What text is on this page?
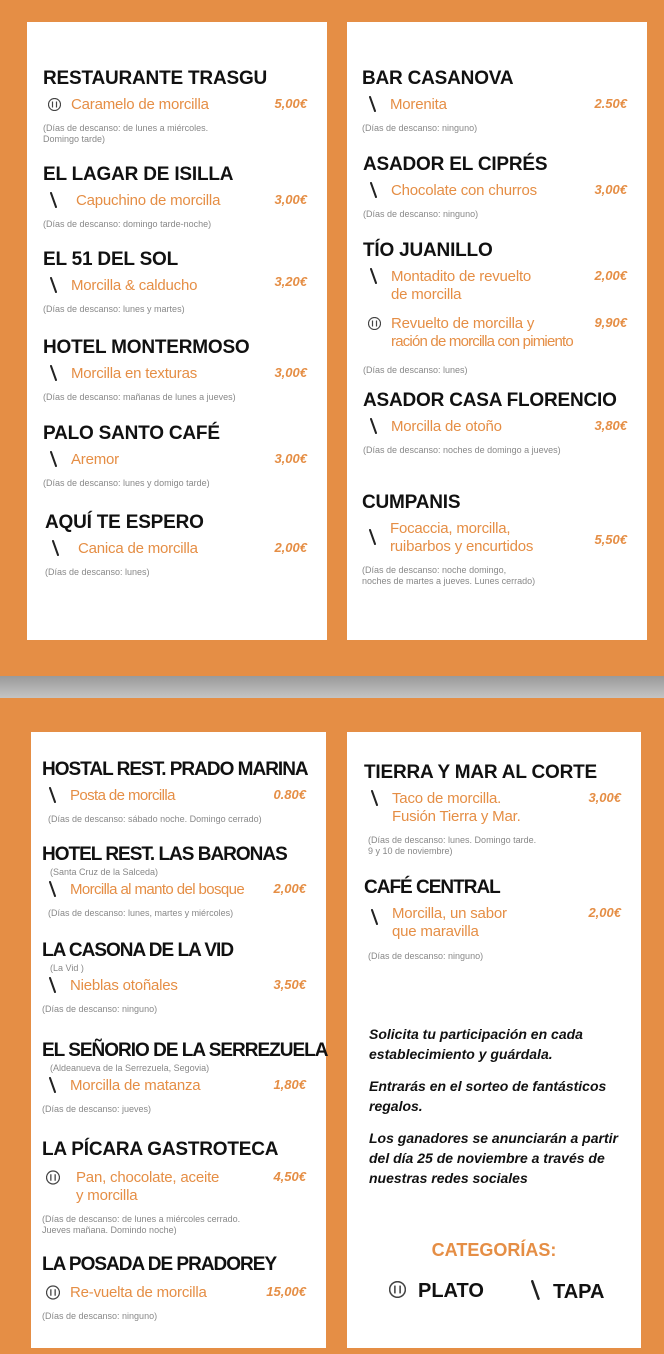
RESTAURANTE TRASGU
Caramelo de morcilla	5,00€
(Días de descanso: de lunes a miércoles.
Domingo tarde)
EL LAGAR DE ISILLA
Capuchino de morcilla	3,00€
(Días de descanso: domingo tarde-noche)
EL 51 DEL SOL
Morcilla & calducho	3,20€
(Días de descanso: lunes y martes)
HOTEL MONTERMOSO
Morcilla en texturas	3,00€
(Días de descanso: mañanas de lunes a jueves)
PALO SANTO CAFÉ
Aremor	3,00€
(Días de descanso: lunes y domigo tarde)
AQUÍ TE ESPERO
Canica de morcilla	2,00€
(Días de descanso: lunes)
BAR CASANOVA
Morenita	2.50€
(Días de descanso: ninguno)
ASADOR EL CIPRÉS
Chocolate con churros	3,00€
(Días de descanso: ninguno)
TÍO JUANILLO
Montadito de revuelto
de morcilla
2,00€
Revuelto de morcilla y
ración de morcilla con pimiento
9,90€
(Días de descanso: lunes)
ASADOR CASA FLORENCIO
Morcilla de otoño	3,80€
(Días de descanso: noches de domingo a jueves)
CUMPANIS
Focaccia, morcilla,
ruibarbos y encurtidos	5,50€
(Días de descanso: noche domingo,
noches de martes a jueves. Lunes cerrado)
HOSTAL REST. PRADO MARINA
Posta de morcilla	0.80€
(Días de descanso: sábado noche. Domingo cerrado)
HOTEL REST. LAS BARONAS
(Santa Cruz de la Salceda)
Morcilla al manto del bosque	2,00€
(Días de descanso: lunes, martes y miércoles)
LA CASONA DE LA VID
(La Vid )
Nieblas otoñales	3,50€
(Días de descanso: ninguno)
EL SEÑORIO DE LA SERREZUELA
(Aldeanueva de la Serrezuela, Segovia)
Morcilla de matanza	1,80€
(Días de descanso: jueves)
LA PÍCARA GASTROTECA
Pan, chocolate, aceite
y morcilla
4,50€
(Días de descanso: de lunes a miércoles cerrado.
Jueves mañana. Domindo noche)
LA POSADA DE PRADOREY
Re-vuelta de morcilla	15,00€
(Días de descanso: ninguno)
TIERRA Y MAR AL CORTE
Taco de morcilla.
Fusión Tierra y Mar.
3,00€
(Días de descanso: lunes. Domingo tarde.
9 y 10 de noviembre)
CAFÉ CENTRAL
Morcilla, un sabor
que maravilla
2,00€
(Días de descanso: ninguno)
Solicita tu participación en cada establecimiento y guárdala.
Entrarás en el sorteo de fantásticos regalos.
Los ganadores se anunciarán a partir del día 25 de noviembre a través de nuestras redes sociales
CATEGORÍAS:
PLATO	TAPA
